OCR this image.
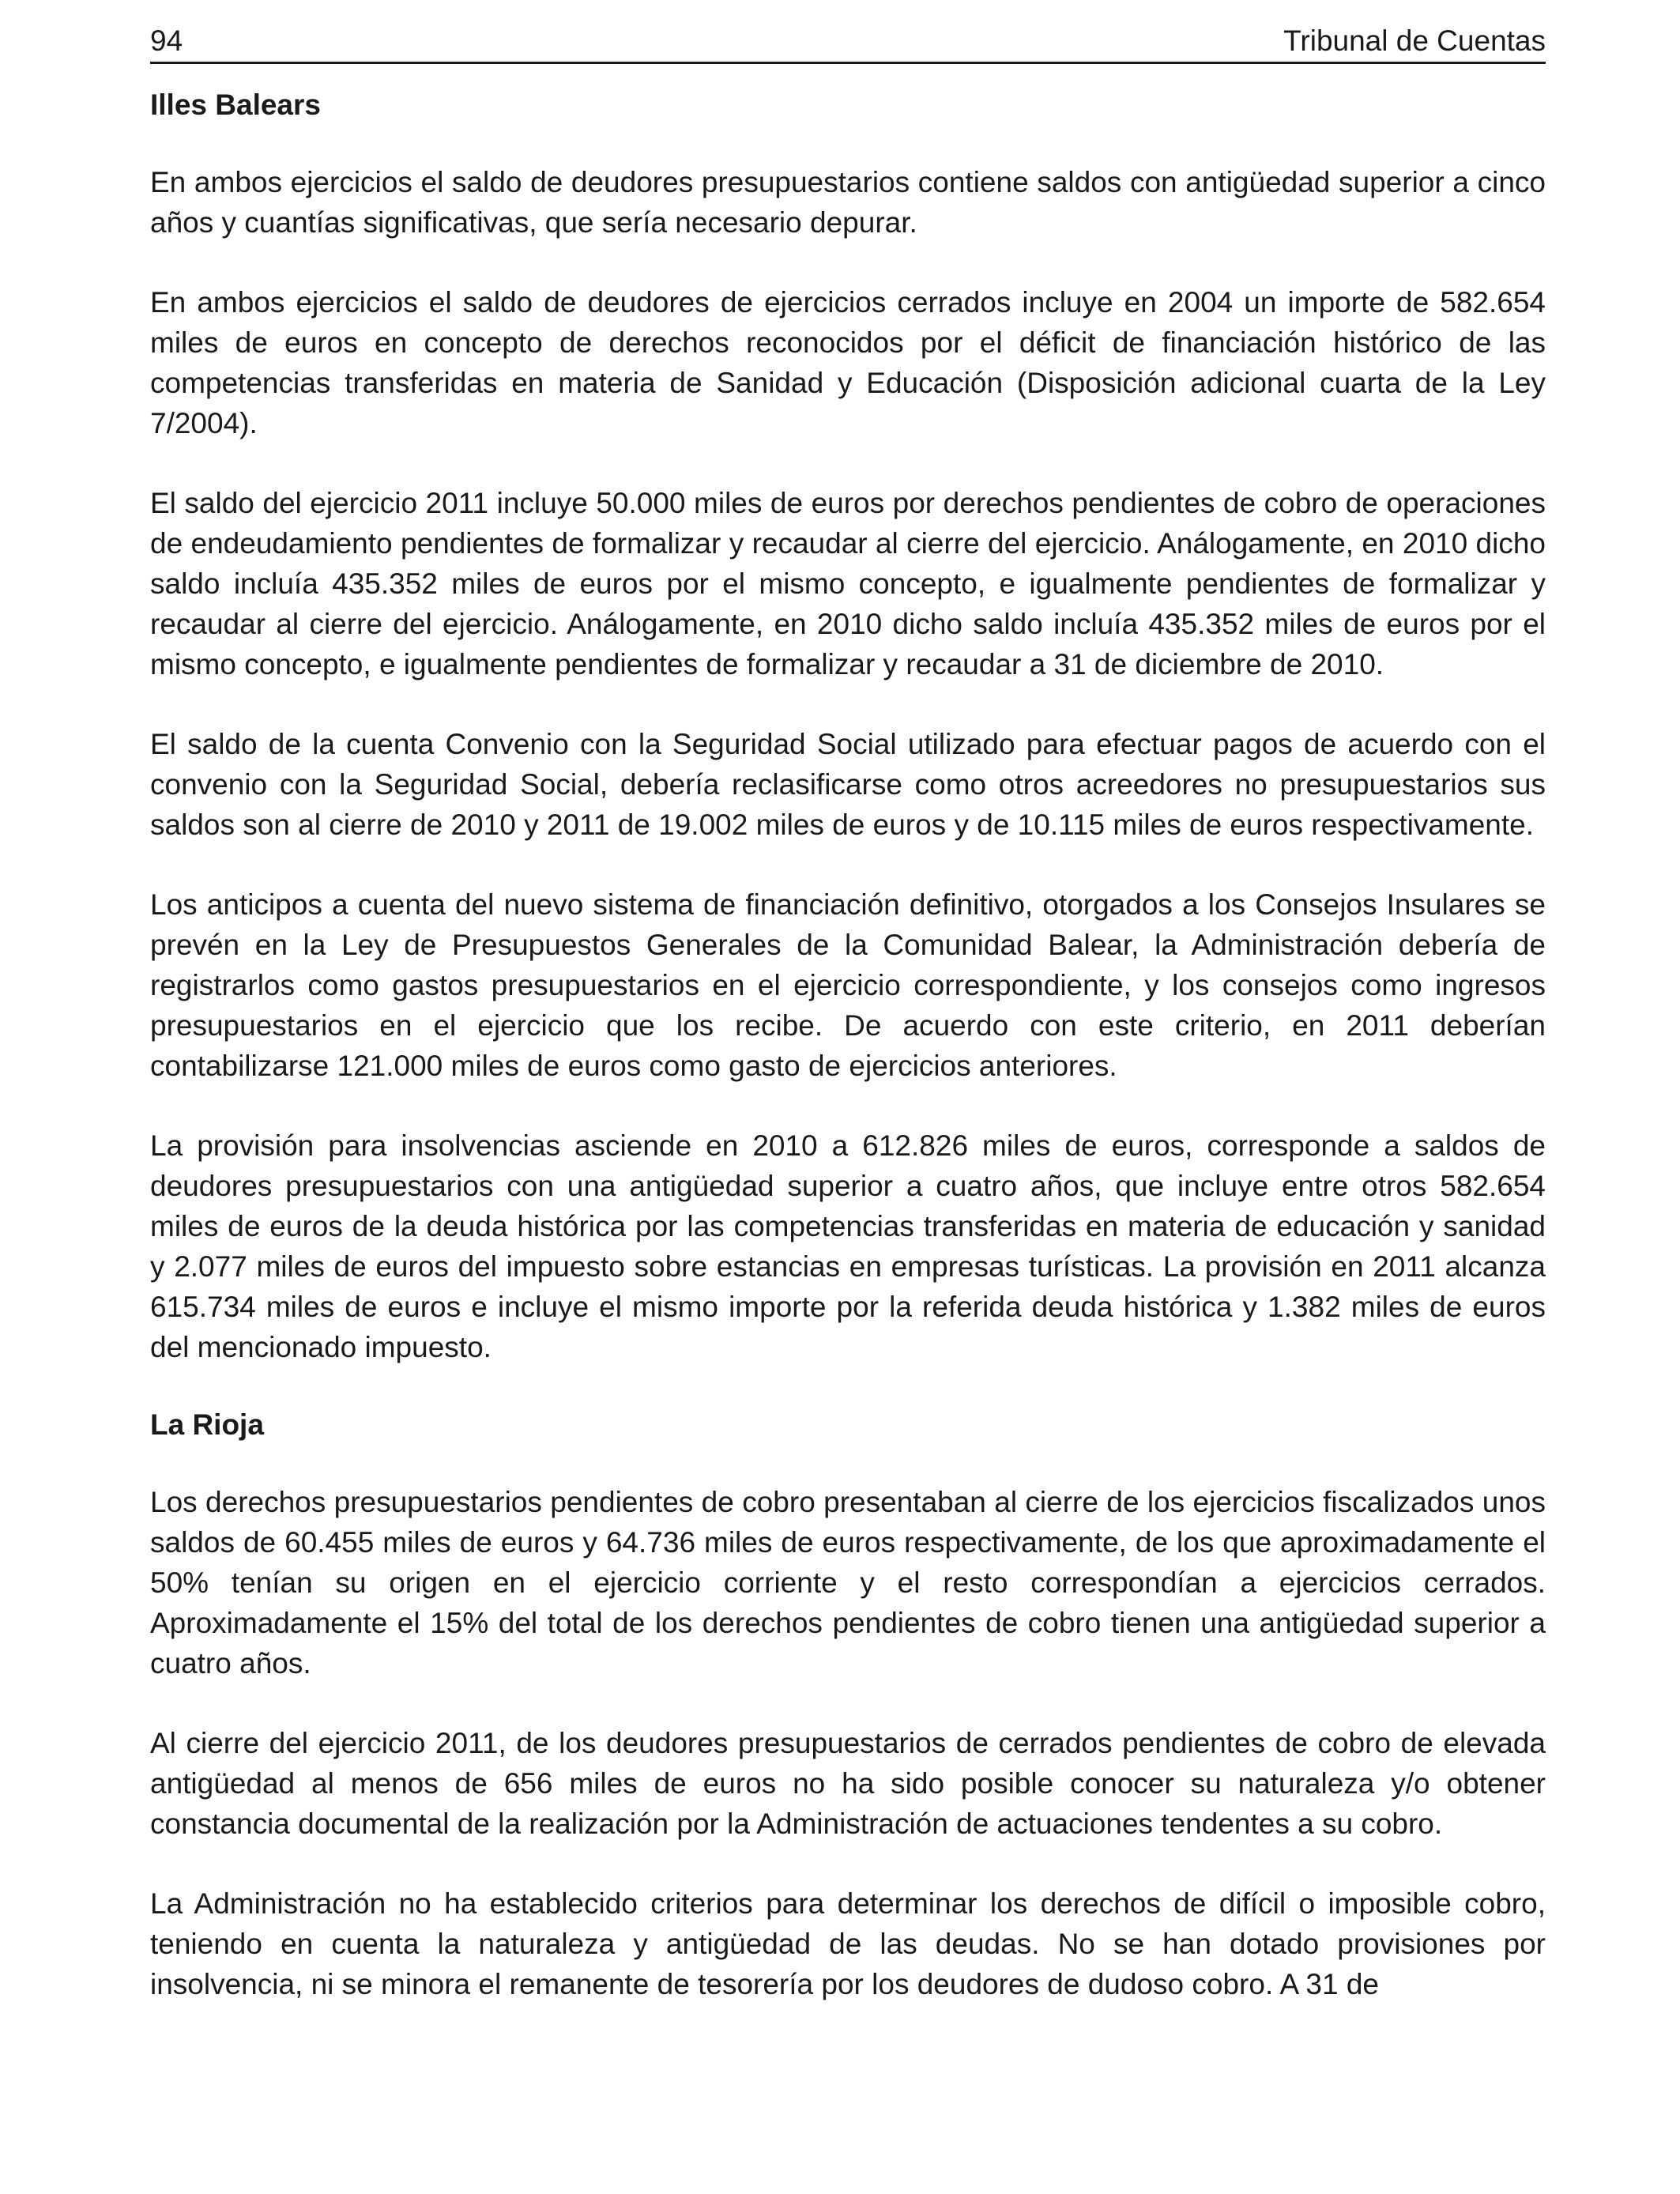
94	Tribunal de Cuentas
Illes Balears

En ambos ejercicios el saldo de deudores presupuestarios contiene saldos con antigüedad superior a cinco años y cuantías significativas, que sería necesario depurar.

En ambos ejercicios el saldo de deudores de ejercicios cerrados incluye en 2004 un importe de 582.654 miles de euros en concepto de derechos reconocidos por el déficit de financiación histórico de las competencias transferidas en materia de Sanidad y Educación (Disposición adicional cuarta de la Ley 7/2004).

El saldo del ejercicio 2011 incluye 50.000 miles de euros por derechos pendientes de cobro de operaciones de endeudamiento pendientes de formalizar y recaudar al cierre del ejercicio. Análogamente, en 2010 dicho saldo incluía 435.352 miles de euros por el mismo concepto, e igualmente pendientes de formalizar y recaudar al cierre del ejercicio. Análogamente, en 2010 dicho saldo incluía 435.352 miles de euros por el mismo concepto, e igualmente pendientes de formalizar y recaudar a 31 de diciembre de 2010.

El saldo de la cuenta Convenio con la Seguridad Social utilizado para efectuar pagos de acuerdo con el convenio con la Seguridad Social, debería reclasificarse como otros acreedores no presupuestarios sus saldos son al cierre de 2010 y 2011 de 19.002 miles de euros y de 10.115 miles de euros respectivamente.

Los anticipos a cuenta del nuevo sistema de financiación definitivo, otorgados a los Consejos Insulares se prevén en la Ley de Presupuestos Generales de la Comunidad Balear, la Administración debería de registrarlos como gastos presupuestarios en el ejercicio correspondiente, y los consejos como ingresos presupuestarios en el ejercicio que los recibe. De acuerdo con este criterio, en 2011 deberían contabilizarse 121.000 miles de euros como gasto de ejercicios anteriores.

La provisión para insolvencias asciende en 2010 a 612.826 miles de euros, corresponde a saldos de deudores presupuestarios con una antigüedad superior a cuatro años, que incluye entre otros 582.654 miles de euros de la deuda histórica por las competencias transferidas en materia de educación y sanidad y 2.077 miles de euros del impuesto sobre estancias en empresas turísticas. La provisión en 2011 alcanza 615.734 miles de euros e incluye el mismo importe por la referida deuda histórica y 1.382 miles de euros del mencionado impuesto.

La Rioja

Los derechos presupuestarios pendientes de cobro presentaban al cierre de los ejercicios fiscalizados unos saldos de 60.455 miles de euros y 64.736 miles de euros respectivamente, de los que aproximadamente el 50% tenían su origen en el ejercicio corriente y el resto correspondían a ejercicios cerrados. Aproximadamente el 15% del total de los derechos pendientes de cobro tienen una antigüedad superior a cuatro años.

Al cierre del ejercicio 2011, de los deudores presupuestarios de cerrados pendientes de cobro de elevada antigüedad al menos de 656 miles de euros no ha sido posible conocer su naturaleza y/o obtener constancia documental de la realización por la Administración de actuaciones tendentes a su cobro.

La Administración no ha establecido criterios para determinar los derechos de difícil o imposible cobro, teniendo en cuenta la naturaleza y antigüedad de las deudas. No se han dotado provisiones por insolvencia, ni se minora el remanente de tesorería por los deudores de dudoso cobro. A 31 de
